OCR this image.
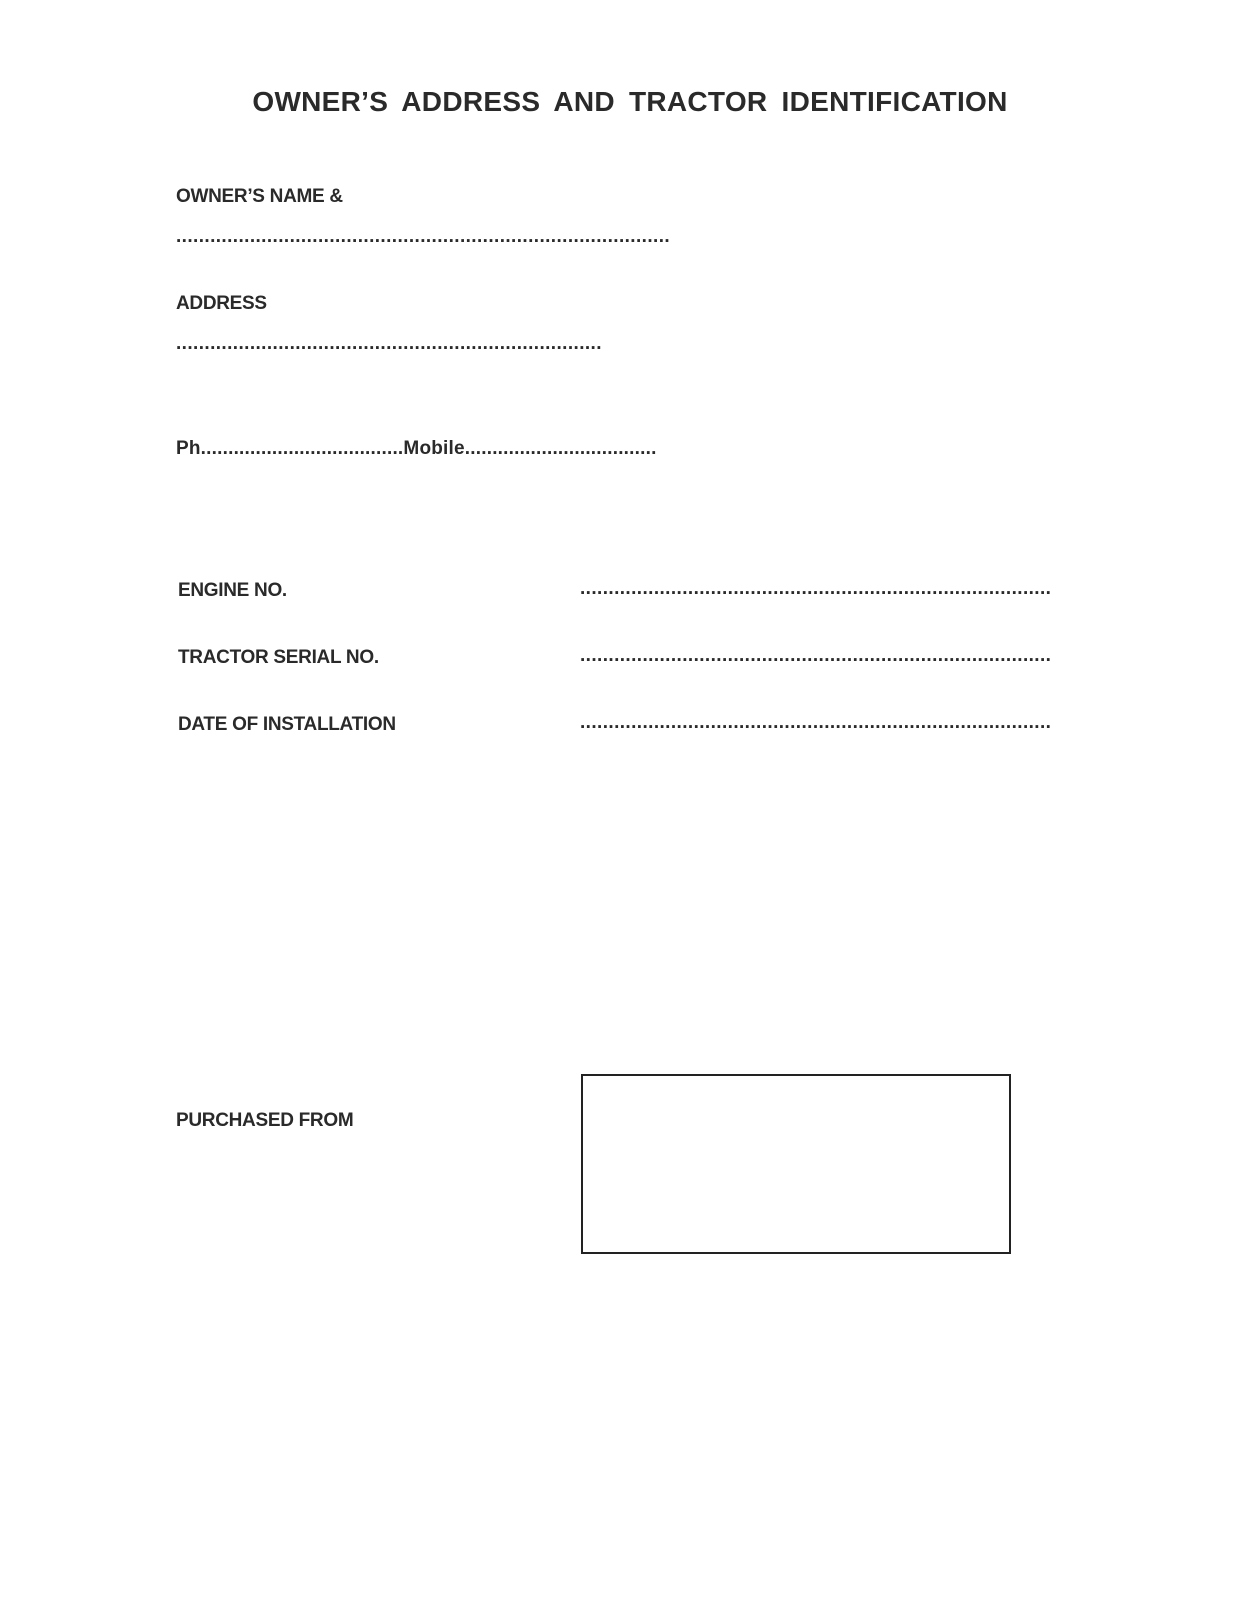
OWNER’S ADDRESS AND TRACTOR IDENTIFICATION
OWNER’S NAME &
.......................................................................................
ADDRESS
...........................................................................
Ph.....................................Mobile...................................
ENGINE NO.	...................................................................................
TRACTOR SERIAL NO.	...................................................................................
DATE OF INSTALLATION	...................................................................................
PURCHASED FROM
